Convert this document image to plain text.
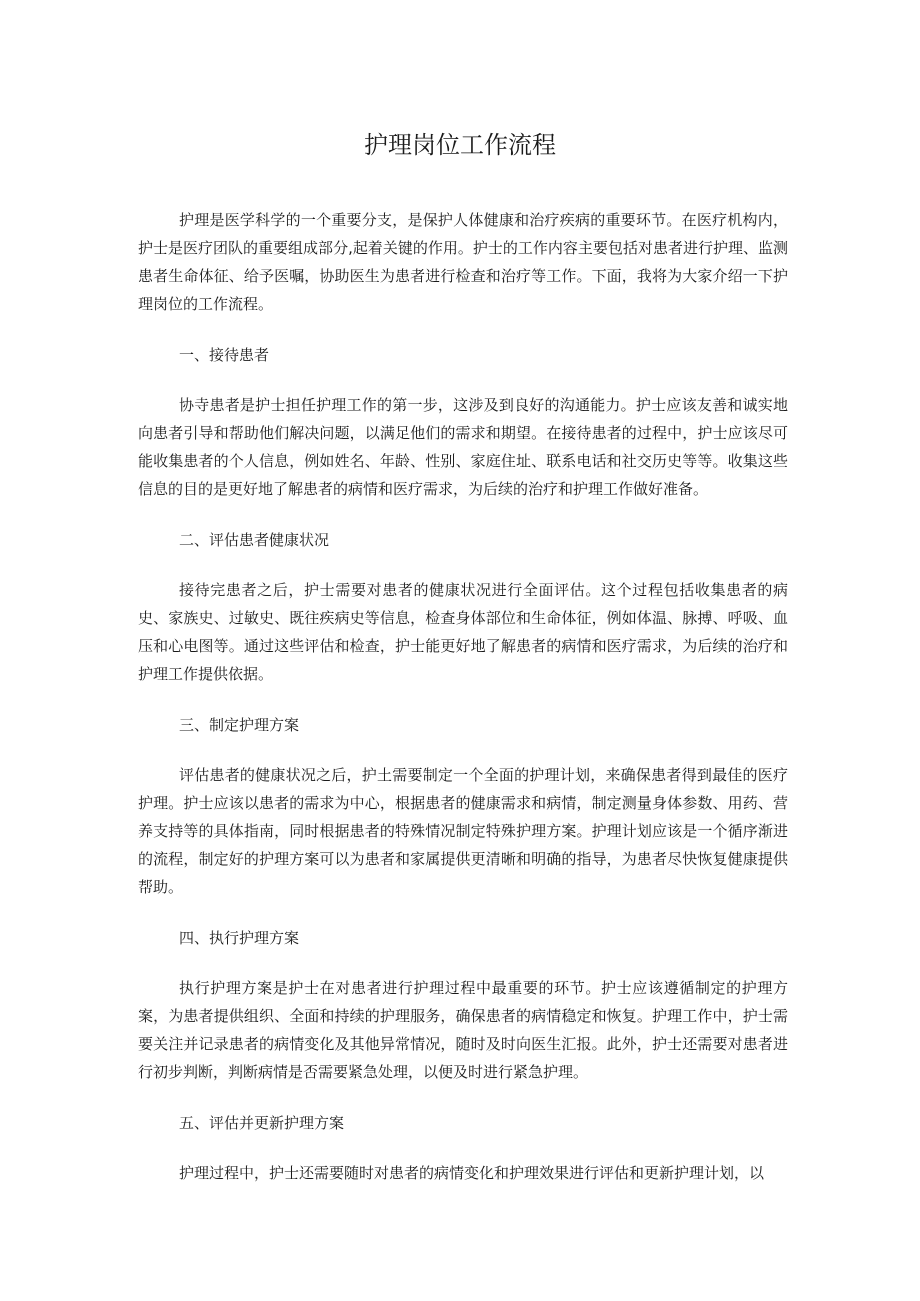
护理岗位工作流程

护理是医学科学的一个重要分支，是保护人体健康和治疗疾病的重要环节。在医疗机构内，护士是医疗团队的重要组成部分,起着关键的作用。护士的工作内容主要包括对患者进行护理、监测患者生命体征、给予医嘱，协助医生为患者进行检查和治疗等工作。下面，我将为大家介绍一下护理岗位的工作流程。

一、接待患者

协寺患者是护士担任护理工作的第一步，这涉及到良好的沟通能力。护士应该友善和诚实地向患者引导和帮助他们解决问题，以满足他们的需求和期望。在接待患者的过程中，护士应该尽可能收集患者的个人信息，例如姓名、年龄、性别、家庭住址、联系电话和社交历史等等。收集这些信息的目的是更好地了解患者的病情和医疗需求，为后续的治疗和护理工作做好准备。

二、评估患者健康状况

接待完患者之后，护士需要对患者的健康状况进行全面评估。这个过程包括收集患者的病史、家族史、过敏史、既往疾病史等信息，检查身体部位和生命体征，例如体温、脉搏、呼吸、血压和心电图等。通过这些评估和检查，护士能更好地了解患者的病情和医疗需求，为后续的治疗和护理工作提供依据。

三、制定护理方案

评估患者的健康状况之后，护土需要制定一个全面的护理计划，来确保患者得到最佳的医疗护理。护士应该以患者的需求为中心，根据患者的健康需求和病情，制定测量身体参数、用药、营养支持等的具体指南，同时根据患者的特殊情况制定特殊护理方案。护理计划应该是一个循序渐进的流程，制定好的护理方案可以为患者和家属提供更清晰和明确的指导，为患者尽快恢复健康提供帮助。

四、执行护理方案

执行护理方案是护士在对患者进行护理过程中最重要的环节。护士应该遵循制定的护理方案，为患者提供组织、全面和持续的护理服务，确保患者的病情稳定和恢复。护理工作中，护士需要关注并记录患者的病情变化及其他异常情况，随时及时向医生汇报。此外，护士还需要对患者进行初步判断，判断病情是否需要紧急处理，以便及时进行紧急护理。

五、评估并更新护理方案

护理过程中，护士还需要随时对患者的病情变化和护理效果进行评估和更新护理计划，以
